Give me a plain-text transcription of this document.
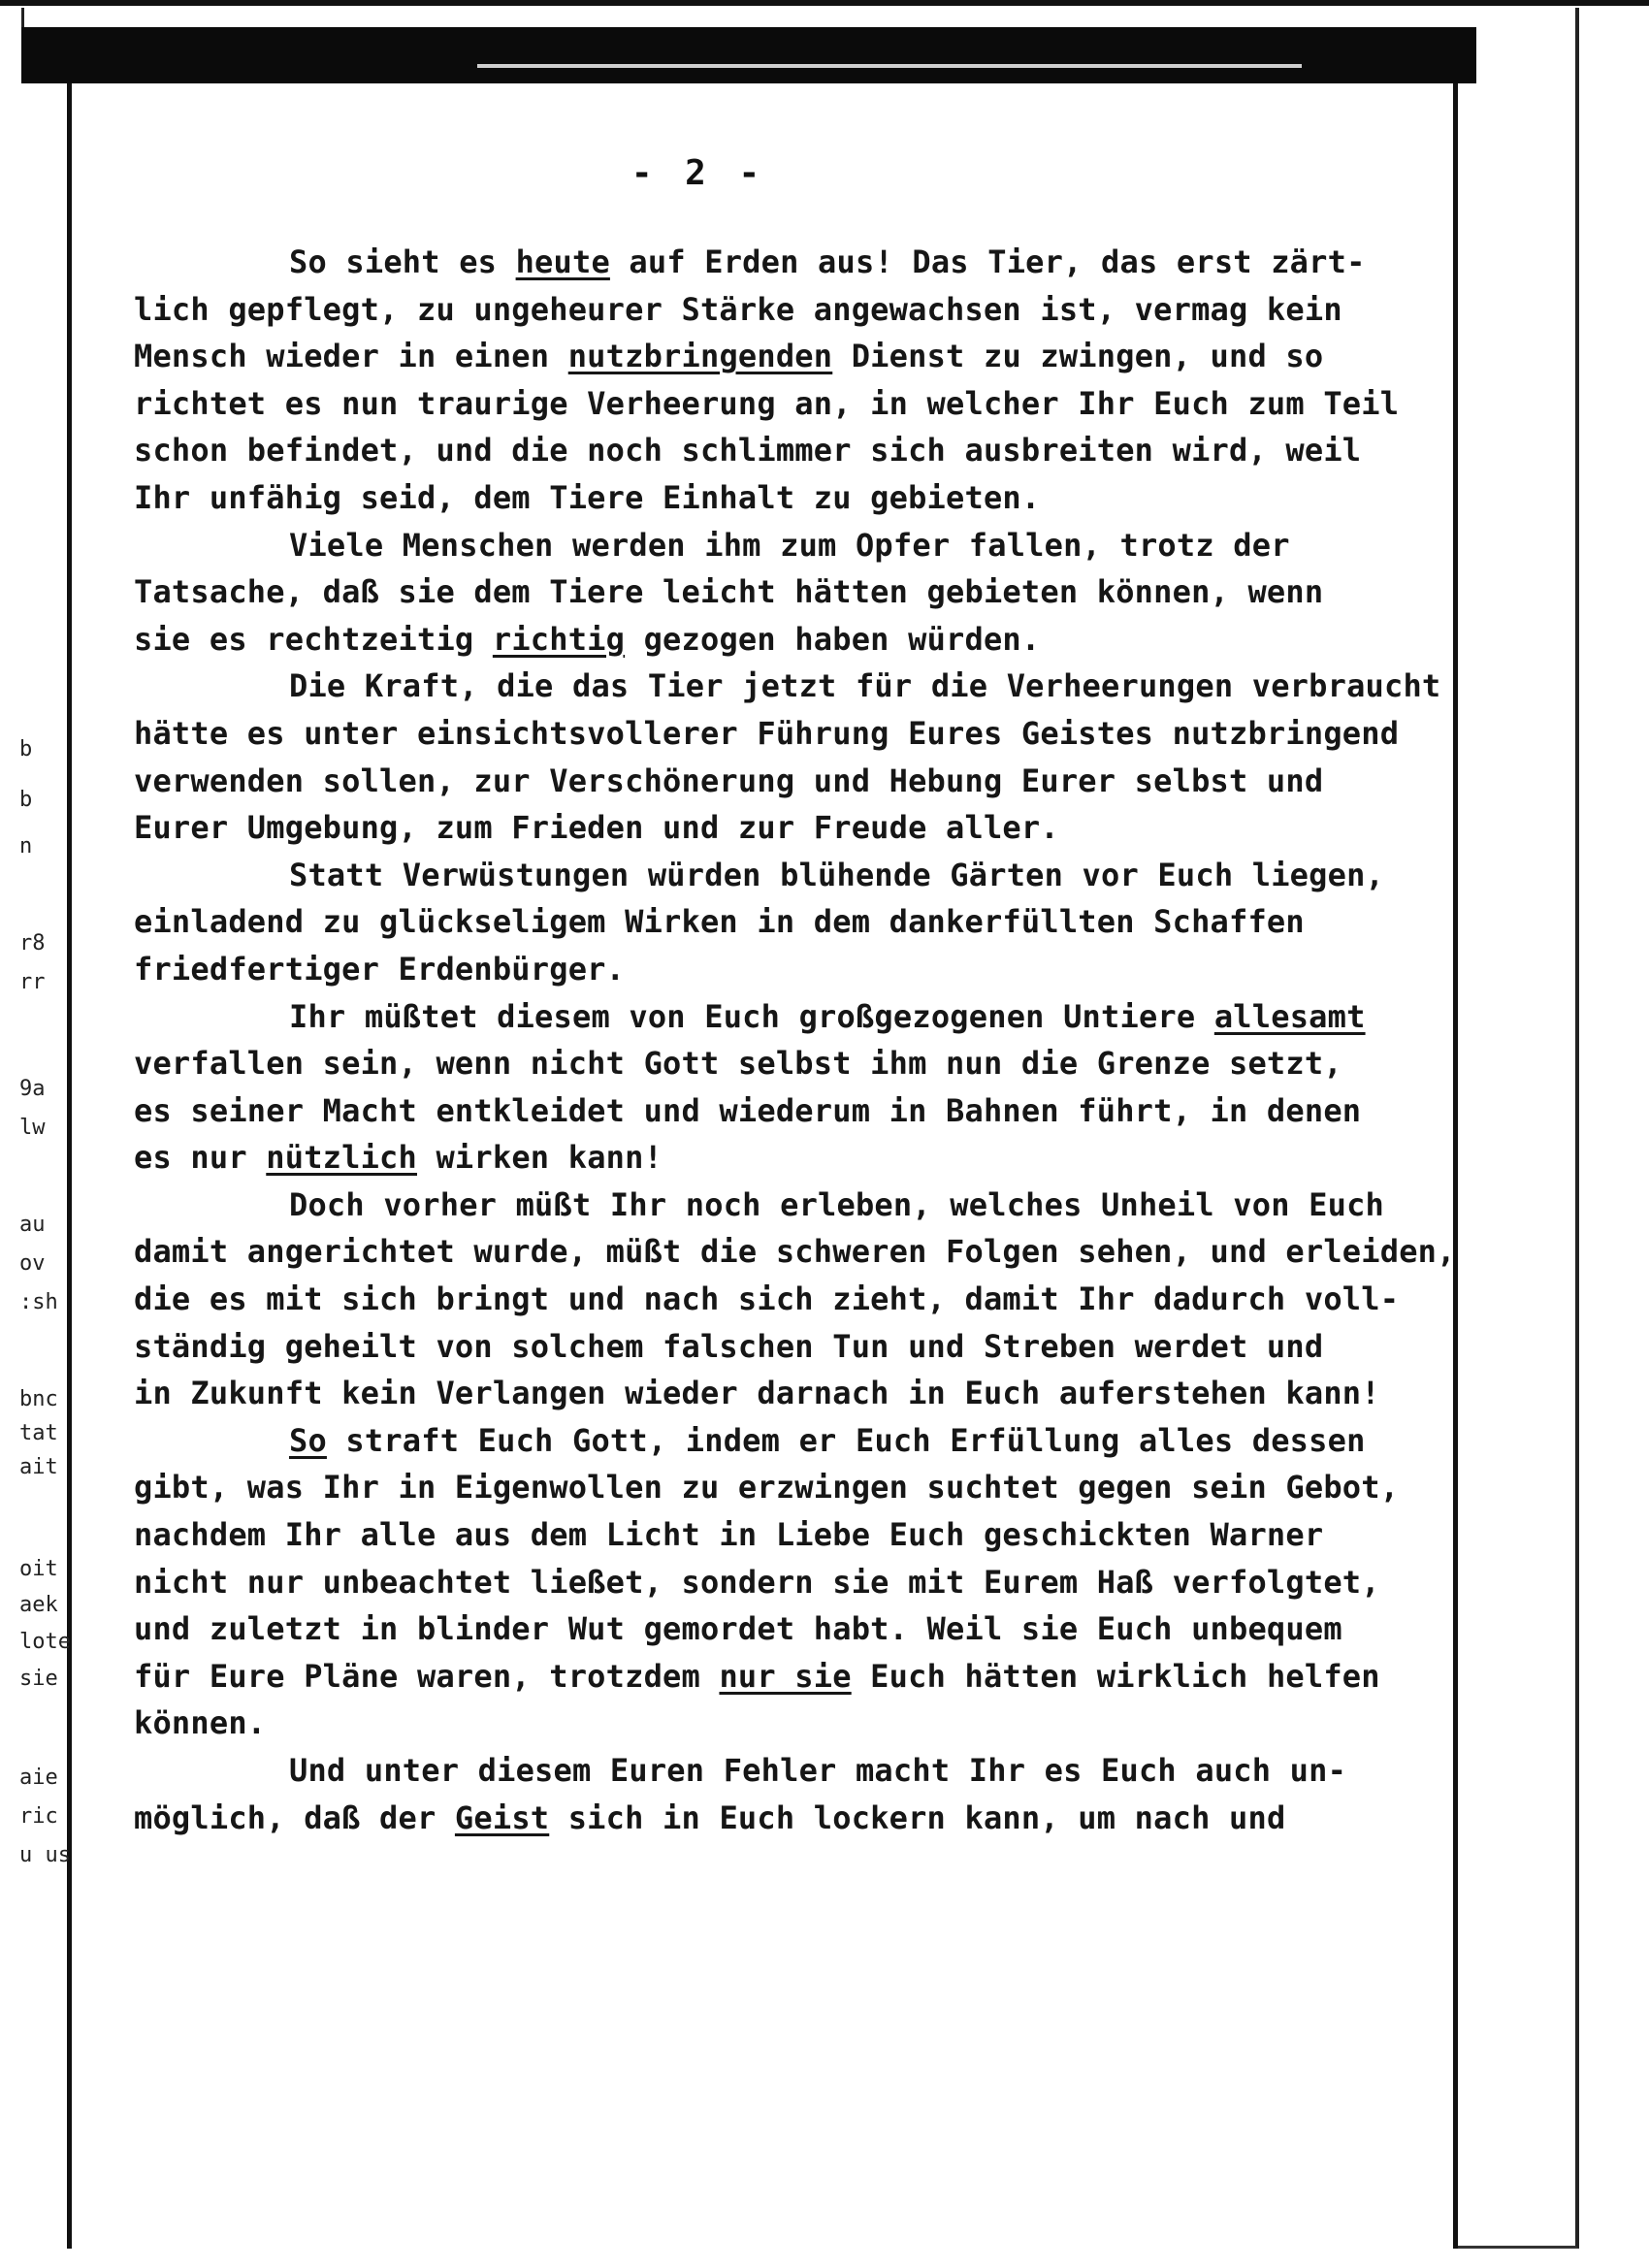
b
b
n
r8
rr
9a
lw
au
ov
:sh
bnc
tat
ait
oit
aek
lote
sie
aie
ric
u us
- 2 -
So sieht es heute auf Erden aus! Das Tier, das erst zärt-
lich gepflegt, zu ungeheurer Stärke angewachsen ist, vermag kein
Mensch wieder in einen nutzbringenden Dienst zu zwingen, und so
richtet es nun traurige Verheerung an, in welcher Ihr Euch zum Teil
schon befindet, und die noch schlimmer sich ausbreiten wird, weil
Ihr unfähig seid, dem Tiere Einhalt zu gebieten.
Viele Menschen werden ihm zum Opfer fallen, trotz der
Tatsache, daß sie dem Tiere leicht hätten gebieten können, wenn
sie es rechtzeitig richtig gezogen haben würden.
Die Kraft, die das Tier jetzt für die Verheerungen verbraucht
hätte es unter einsichtsvollerer Führung Eures Geistes nutzbringend
verwenden sollen, zur Verschönerung und Hebung Eurer selbst und
Eurer Umgebung, zum Frieden und zur Freude aller.
Statt Verwüstungen würden blühende Gärten vor Euch liegen,
einladend zu glückseligem Wirken in dem dankerfüllten Schaffen
friedfertiger Erdenbürger.
Ihr müßtet diesem von Euch großgezogenen Untiere allesamt
verfallen sein, wenn nicht Gott selbst ihm nun die Grenze setzt,
es seiner Macht entkleidet und wiederum in Bahnen führt, in denen
es nur nützlich wirken kann!
Doch vorher müßt Ihr noch erleben, welches Unheil von Euch
damit angerichtet wurde, müßt die schweren Folgen sehen, und erleiden,
die es mit sich bringt und nach sich zieht, damit Ihr dadurch voll-
ständig geheilt von solchem falschen Tun und Streben werdet und
in Zukunft kein Verlangen wieder darnach in Euch auferstehen kann!
So straft Euch Gott, indem er Euch Erfüllung alles dessen
gibt, was Ihr in Eigenwollen zu erzwingen suchtet gegen sein Gebot,
nachdem Ihr alle aus dem Licht in Liebe Euch geschickten Warner
nicht nur unbeachtet ließet, sondern sie mit Eurem Haß verfolgtet,
und zuletzt in blinder Wut gemordet habt. Weil sie Euch unbequem
für Eure Pläne waren, trotzdem nur sie Euch hätten wirklich helfen
können.
Und unter diesem Euren Fehler macht Ihr es Euch auch un-
möglich, daß der Geist sich in Euch lockern kann, um nach und
